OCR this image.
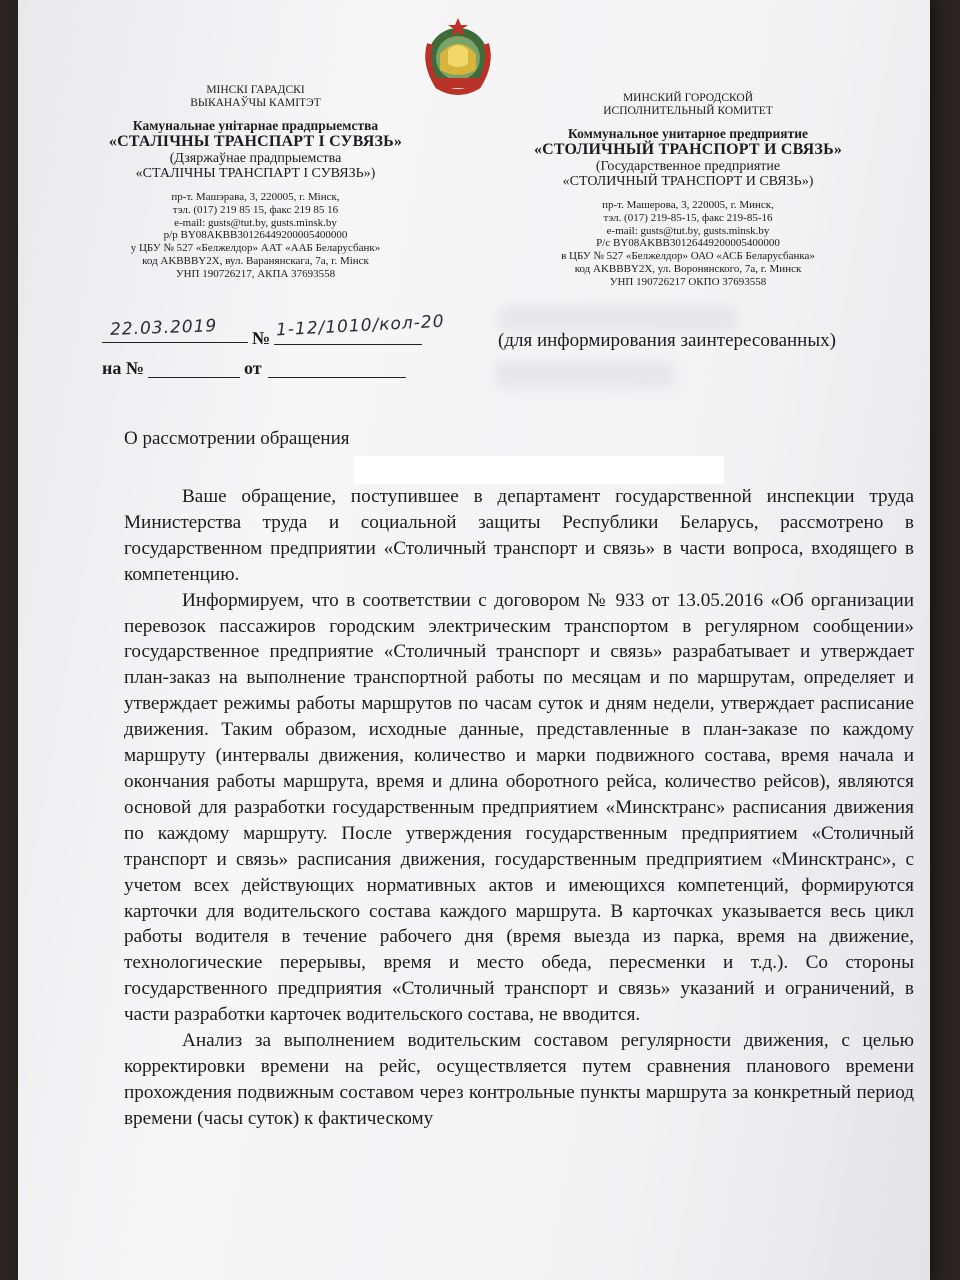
МІНСКІ ГАРАДСКІ
ВЫКАНАЎЧЫ КАМІТЭТ
Камунальнае унітарнае прадпрыемства
«СТАЛІЧНЫ ТРАНСПАРТ І СУВЯЗЬ»
(Дзяржаўнае прадпрыемства
«СТАЛІЧНЫ ТРАНСПАРТ І СУВЯЗЬ»)
пр-т. Машэрава, 3, 220005, г. Мінск,
тэл. (017) 219 85 15, факс 219 85 16
e-mail: gusts@tut.by, gusts.minsk.by
р/р BY08AKBB30126449200005400000
у ЦБУ № 527 «Белжелдор» ААТ «ААБ Беларусбанк»
код AKBBBY2X, вул. Варанянскага, 7а, г. Мінск
УНП 190726217, АКПА 37693558
МИНСКИЙ ГОРОДСКОЙ
ИСПОЛНИТЕЛЬНЫЙ КОМИТЕТ
Коммунальное унитарное предприятие
«СТОЛИЧНЫЙ ТРАНСПОРТ И СВЯЗЬ»
(Государственное предприятие
«СТОЛИЧНЫЙ ТРАНСПОРТ И СВЯЗЬ»)
пр-т. Машерова, 3, 220005, г. Минск,
тэл. (017) 219-85-15, факс 219-85-16
e-mail: gusts@tut.by, gusts.minsk.by
Р/с BY08AKBB30126449200005400000
в ЦБУ № 527 «Белжелдор» ОАО «АСБ Беларусбанка»
код AKBBBY2X, ул. Воронянского, 7а, г. Минск
УНП 190726217 ОКПО 37693558
22.03.2019 № 1-12/1010/кол-20
на №	от
(для информирования заинтересованных)
О рассмотрении обращения

Ваше обращение, поступившее в департамент государственной инспекции труда Министерства труда и социальной защиты Республики Беларусь, рассмотрено в государственном предприятии «Столичный транспорт и связь» в части вопроса, входящего в компетенцию.

Информируем, что в соответствии с договором № 933 от 13.05.2016 «Об организации перевозок пассажиров городским электрическим транспортом в регулярном сообщении» государственное предприятие «Столичный транспорт и связь» разрабатывает и утверждает план-заказ на выполнение транспортной работы по месяцам и по маршрутам, определяет и утверждает режимы работы маршрутов по часам суток и дням недели, утверждает расписание движения. Таким образом, исходные данные, представленные в план-заказе по каждому маршруту (интервалы движения, количество и марки подвижного состава, время начала и окончания работы маршрута, время и длина оборотного рейса, количество рейсов), являются основой для разработки государственным предприятием «Минсктранс» расписания движения по каждому маршруту. После утверждения государственным предприятием «Столичный транспорт и связь» расписания движения, государственным предприятием «Минсктранс», с учетом всех действующих нормативных актов и имеющихся компетенций, формируются карточки для водительского состава каждого маршрута. В карточках указывается весь цикл работы водителя в течение рабочего дня (время выезда из парка, время на движение, технологические перерывы, время и место обеда, пересменки и т.д.). Со стороны государственного предприятия «Столичный транспорт и связь» указаний и ограничений, в части разработки карточек водительского состава, не вводится.

Анализ за выполнением водительским составом регулярности движения, с целью корректировки времени на рейс, осуществляется путем сравнения планового времени прохождения подвижным составом через контрольные пункты маршрута за конкретный период времени (часы суток) к фактическому
